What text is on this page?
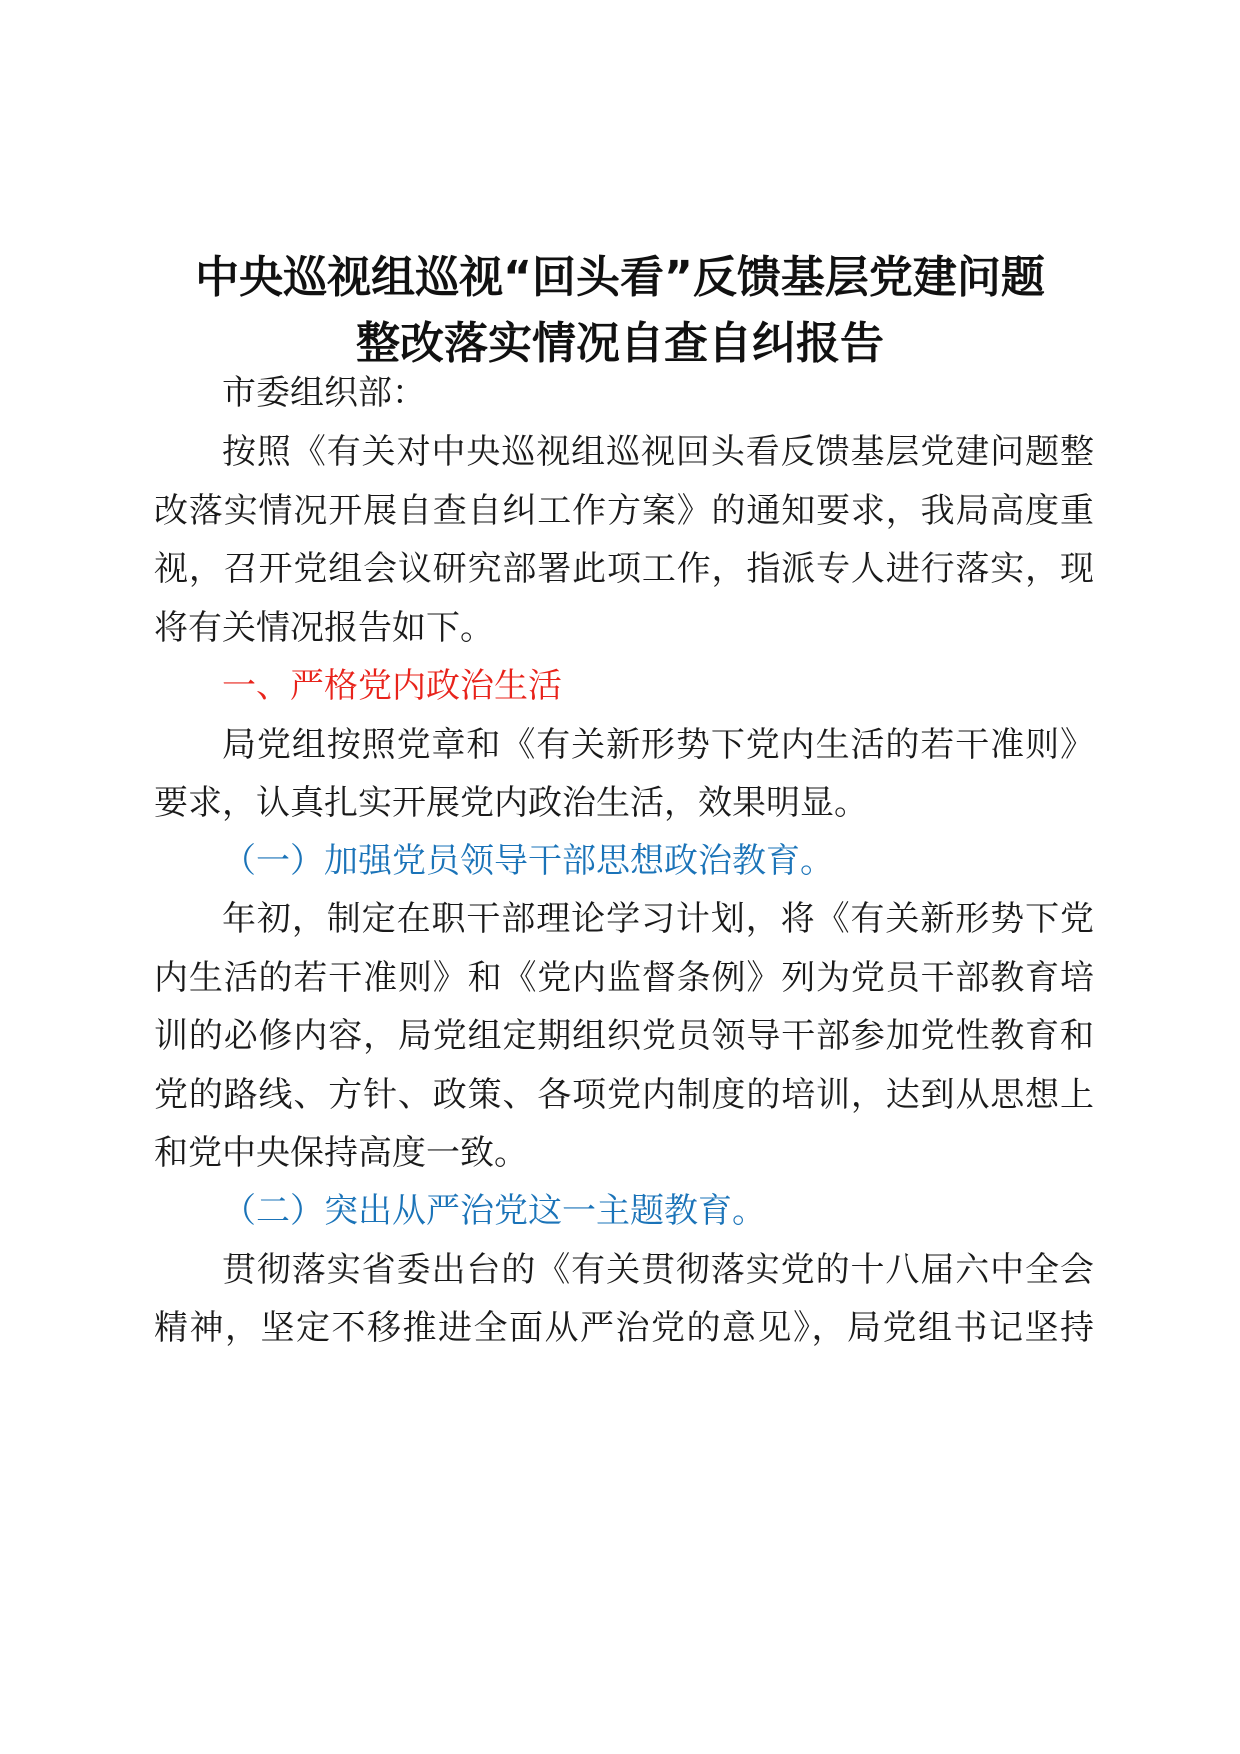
中央巡视组巡视“回头看”反馈基层党建问题
整改落实情况自查自纠报告
市委组织部：
按照《有关对中央巡视组巡视回头看反馈基层党建问题整
改落实情况开展自查自纠工作方案》的通知要求，我局高度重
视，召开党组会议研究部署此项工作，指派专人进行落实，现
将有关情况报告如下。
一、严格党内政治生活
局党组按照党章和《有关新形势下党内生活的若干准则》
要求，认真扎实开展党内政治生活，效果明显。
（一）加强党员领导干部思想政治教育。
年初，制定在职干部理论学习计划，将《有关新形势下党
内生活的若干准则》和《党内监督条例》列为党员干部教育培
训的必修内容，局党组定期组织党员领导干部参加党性教育和
党的路线、方针、政策、各项党内制度的培训，达到从思想上
和党中央保持高度一致。
（二）突出从严治党这一主题教育。
贯彻落实省委出台的《有关贯彻落实党的十八届六中全会
精神，坚定不移推进全面从严治党的意见》，局党组书记坚持
